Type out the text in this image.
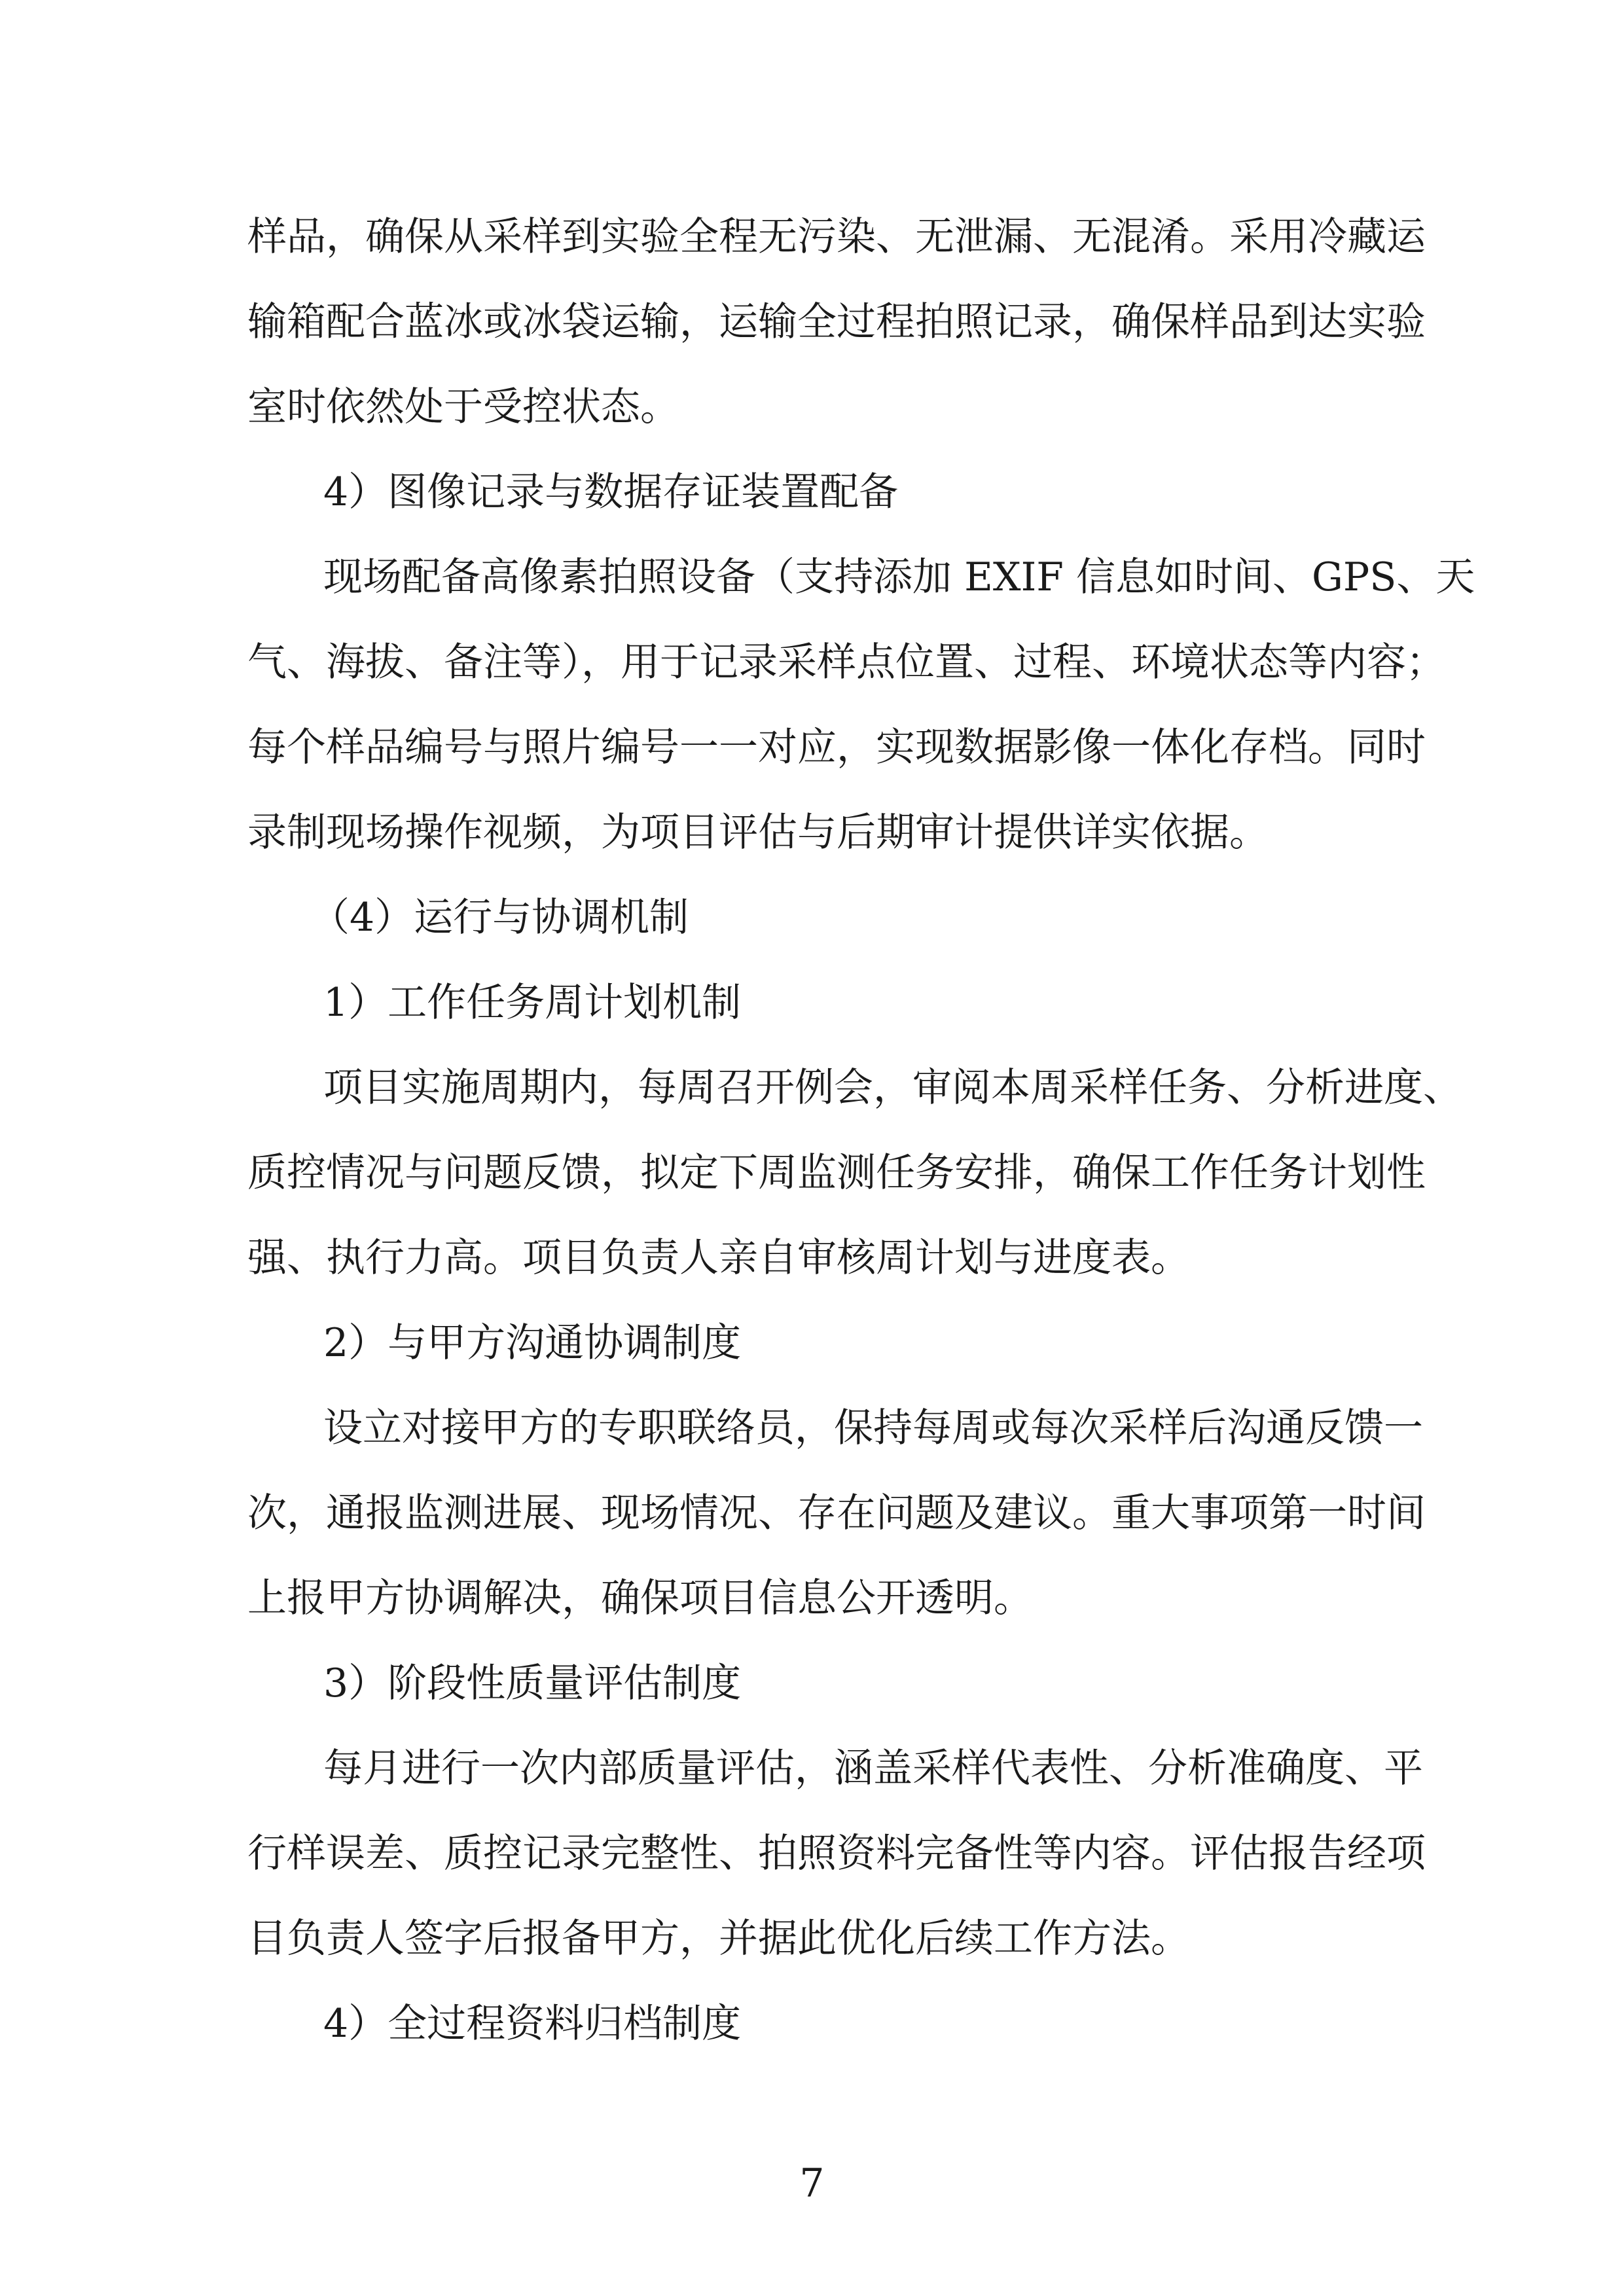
样品，确保从采样到实验全程无污染、无泄漏、无混淆。采用冷藏运
输箱配合蓝冰或冰袋运输，运输全过程拍照记录，确保样品到达实验
室时依然处于受控状态。
4）图像记录与数据存证装置配备
现场配备高像素拍照设备（支持添加 EXIF 信息如时间、GPS、天
气、海拔、备注等），用于记录采样点位置、过程、环境状态等内容；
每个样品编号与照片编号一一对应，实现数据影像一体化存档。同时
录制现场操作视频，为项目评估与后期审计提供详实依据。
（4）运行与协调机制
1）工作任务周计划机制
项目实施周期内，每周召开例会，审阅本周采样任务、分析进度、
质控情况与问题反馈，拟定下周监测任务安排，确保工作任务计划性
强、执行力高。项目负责人亲自审核周计划与进度表。
2）与甲方沟通协调制度
设立对接甲方的专职联络员，保持每周或每次采样后沟通反馈一
次，通报监测进展、现场情况、存在问题及建议。重大事项第一时间
上报甲方协调解决，确保项目信息公开透明。
3）阶段性质量评估制度
每月进行一次内部质量评估，涵盖采样代表性、分析准确度、平
行样误差、质控记录完整性、拍照资料完备性等内容。评估报告经项
目负责人签字后报备甲方，并据此优化后续工作方法。
4）全过程资料归档制度
7
